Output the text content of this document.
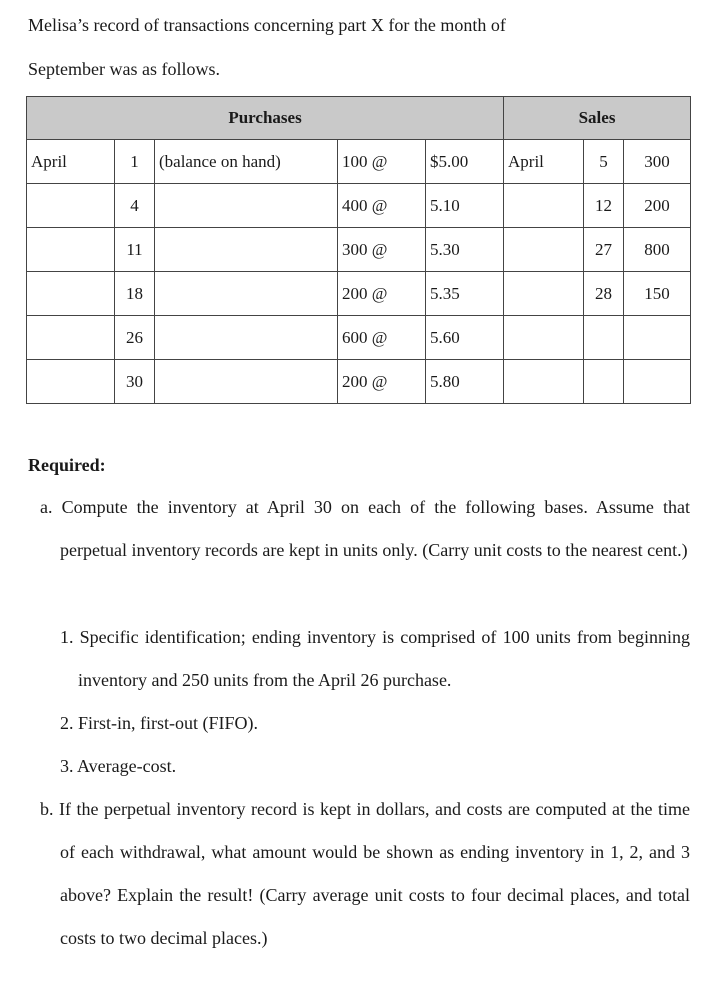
Melisa’s record of transactions concerning part X for the month of
September was as follows.
Purchases					Sales		
April	1	(balance on hand)	100 @	$5.00	April	5	300
	4		400 @	5.10		12	200
	11		300 @	5.30		27	800
	18		200 @	5.35		28	150
	26		600 @	5.60			
	30		200 @	5.80			
Required:
a. Compute the inventory at April 30 on each of the following bases. Assume that perpetual inventory records are kept in units only. (Carry unit costs to the nearest cent.)
1. Specific identification; ending inventory is comprised of 100 units from beginning inventory and 250 units from the April 26 purchase.
2. First-in, first-out (FIFO).
3. Average-cost.
b. If the perpetual inventory record is kept in dollars, and costs are computed at the time of each withdrawal, what amount would be shown as ending inventory in 1, 2, and 3 above? Explain the result! (Carry average unit costs to four decimal places, and total costs to two decimal places.)
